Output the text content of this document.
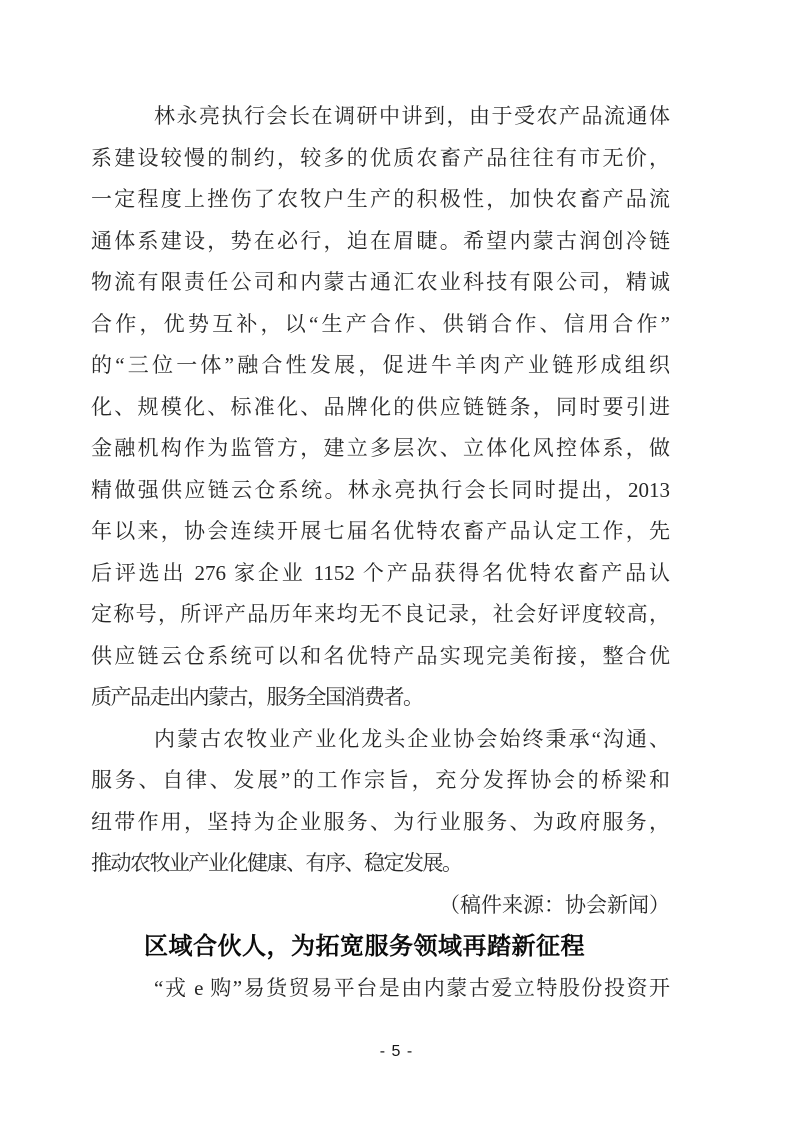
林永亮执行会长在调研中讲到，由于受农产品流通体
系建设较慢的制约，较多的优质农畜产品往往有市无价，
一定程度上挫伤了农牧户生产的积极性，加快农畜产品流
通体系建设，势在必行，迫在眉睫。希望内蒙古润创冷链
物流有限责任公司和内蒙古通汇农业科技有限公司，精诚
合作，优势互补，以“生产合作、供销合作、信用合作”
的“三位一体”融合性发展，促进牛羊肉产业链形成组织
化、规模化、标准化、品牌化的供应链链条，同时要引进
金融机构作为监管方，建立多层次、立体化风控体系，做
精做强供应链云仓系统。林永亮执行会长同时提出，2013
年以来，协会连续开展七届名优特农畜产品认定工作，先
后评选出 276 家企业 1152 个产品获得名优特农畜产品认
定称号，所评产品历年来均无不良记录，社会好评度较高，
供应链云仓系统可以和名优特产品实现完美衔接，整合优
质产品走出内蒙古，服务全国消费者。
内蒙古农牧业产业化龙头企业协会始终秉承“沟通、
服务、自律、发展”的工作宗旨，充分发挥协会的桥梁和
纽带作用，坚持为企业服务、为行业服务、为政府服务，
推动农牧业产业化健康、有序、稳定发展。
（稿件来源：协会新闻）
区域合伙人，为拓宽服务领域再踏新征程
“戎 e 购”易货贸易平台是由内蒙古爱立特股份投资开
- 5 -
